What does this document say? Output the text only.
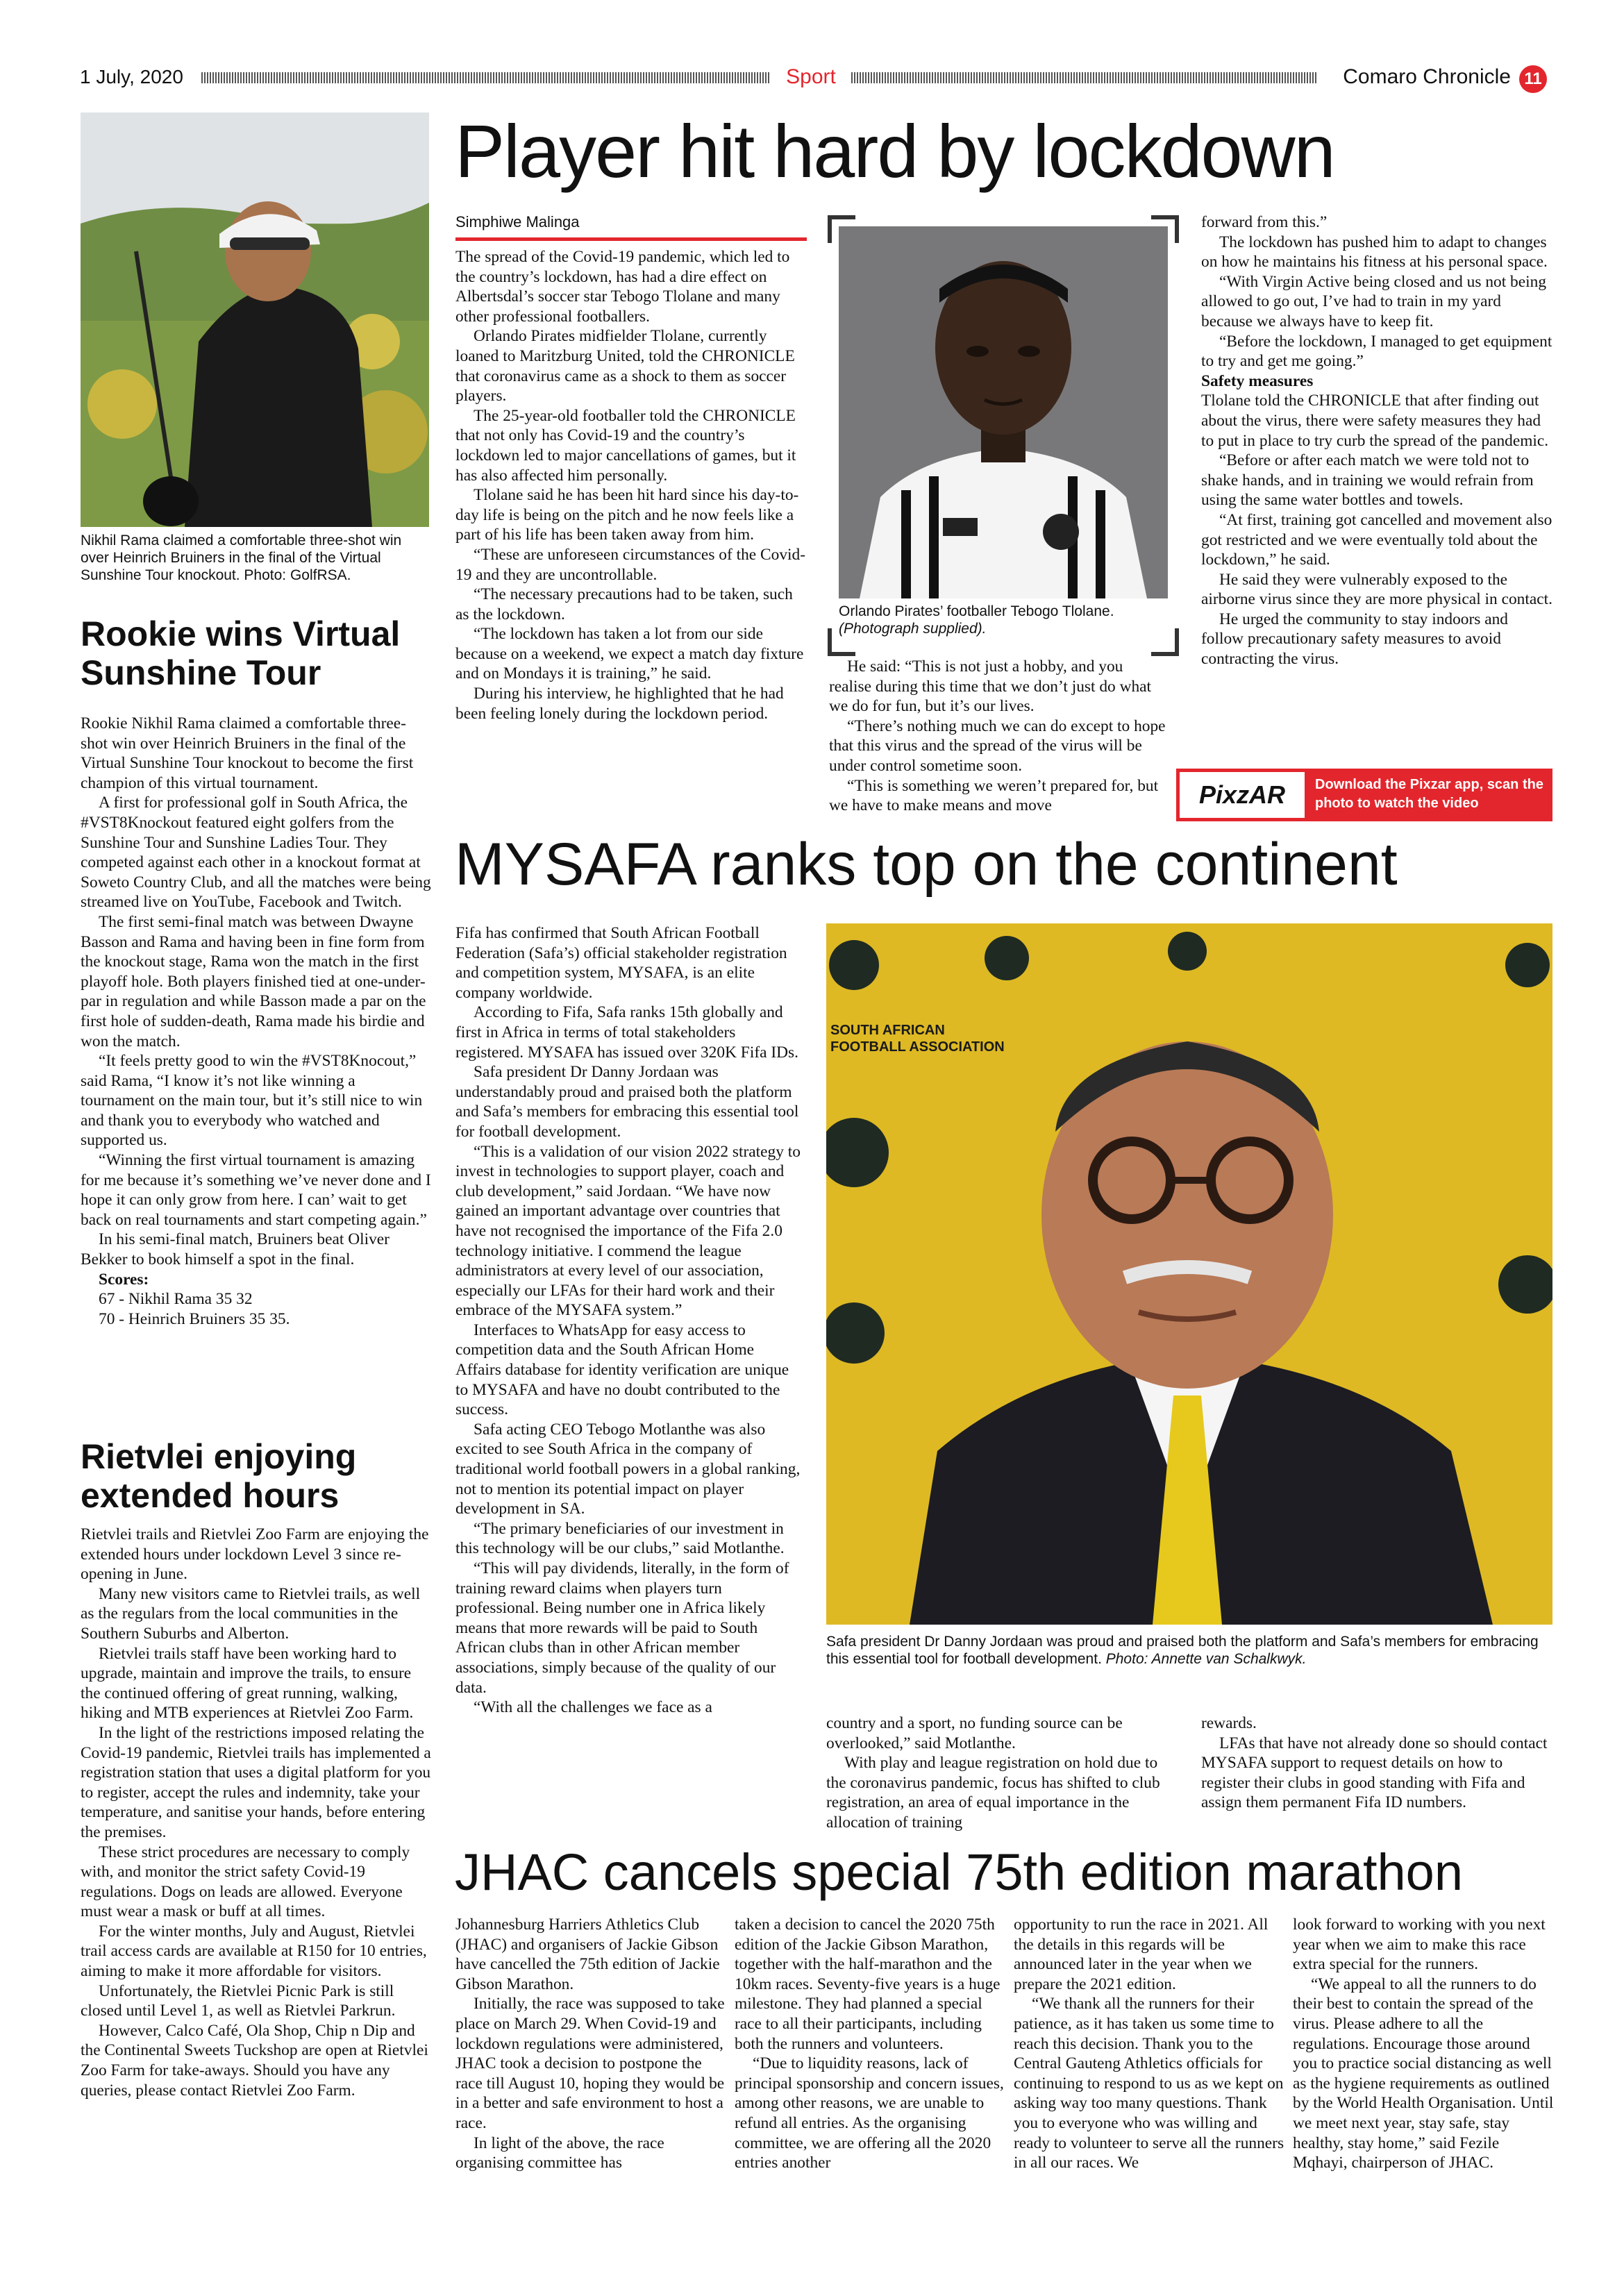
1 July, 2020	Sport	Comaro Chronicle 11
Nikhil Rama claimed a comfortable three-shot win over Heinrich Bruiners in the final of the Virtual Sunshine Tour knockout. Photo: GolfRSA.
Rookie wins Virtual Sunshine Tour

Rookie Nikhil Rama claimed a comfortable three-shot win over Heinrich Bruiners in the final of the Virtual Sunshine Tour knockout to become the first champion of this virtual tournament.

A first for professional golf in South Africa, the #VST8Knockout featured eight golfers from the Sunshine Tour and Sunshine Ladies Tour. They competed against each other in a knockout format at Soweto Country Club, and all the matches were being streamed live on YouTube, Facebook and Twitch.

The first semi-final match was between Dwayne Basson and Rama and having been in fine form from the knockout stage, Rama won the match in the first playoff hole. Both players finished tied at one-under-par in regulation and while Basson made a par on the first hole of sudden-death, Rama made his birdie and won the match.

“It feels pretty good to win the #VST8Knocout,” said Rama, “I know it’s not like winning a tournament on the main tour, but it’s still nice to win and thank you to everybody who watched and supported us.

“Winning the first virtual tournament is amazing for me because it’s something we’ve never done and I hope it can only grow from here. I can’ wait to get back on real tournaments and start competing again.”

In his semi-final match, Bruiners beat Oliver Bekker to book himself a spot in the final.

Scores:

67 - Nikhil Rama 35 32

70 - Heinrich Bruiners 35 35.

Rietvlei enjoying extended hours

Rietvlei trails and Rietvlei Zoo Farm are enjoying the extended hours under lockdown Level 3 since re-opening in June.

Many new visitors came to Rietvlei trails, as well as the regulars from the local communities in the Southern Suburbs and Alberton.

Rietvlei trails staff have been working hard to upgrade, maintain and improve the trails, to ensure the continued offering of great running, walking, hiking and MTB experiences at Rietvlei Zoo Farm.

In the light of the restrictions imposed relating the Covid-19 pandemic, Rietvlei trails has implemented a registration station that uses a digital platform for you to register, accept the rules and indemnity, take your temperature, and sanitise your hands, before entering the premises.

These strict procedures are necessary to comply with, and monitor the strict safety Covid-19 regulations. Dogs on leads are allowed. Everyone must wear a mask or buff at all times.

For the winter months, July and August, Rietvlei trail access cards are available at R150 for 10 entries, aiming to make it more affordable for visitors.

Unfortunately, the Rietvlei Picnic Park is still closed until Level 1, as well as Rietvlei Parkrun.

However, Calco Café, Ola Shop, Chip n Dip and the Continental Sweets Tuckshop are open at Rietvlei Zoo Farm for take-aways. Should you have any queries, please contact Rietvlei Zoo Farm.

Player hit hard by lockdown
Simphiwe Malinga

The spread of the Covid-19 pandemic, which led to the country’s lockdown, has had a dire effect on Albertsdal’s soccer star Tebogo Tlolane and many other professional footballers.

Orlando Pirates midfielder Tlolane, currently loaned to Maritzburg United, told the CHRONICLE that coronavirus came as a shock to them as soccer players.

The 25-year-old footballer told the CHRONICLE that not only has Covid-19 and the country’s lockdown led to major cancellations of games, but it has also affected him personally.

Tlolane said he has been hit hard since his day-to-day life is being on the pitch and he now feels like a part of his life has been taken away from him.

“These are unforeseen circumstances of the Covid-19 and they are uncontrollable.

“The necessary precautions had to be taken, such as the lockdown.

“The lockdown has taken a lot from our side because on a weekend, we expect a match day fixture and on Mondays it is training,” he said.

During his interview, he highlighted that he had been feeling lonely during the lockdown period.

Orlando Pirates’ footballer Tebogo Tlolane.
(Photograph supplied).

He said: “This is not just a hobby, and you realise during this time that we don’t just do what we do for fun, but it’s our lives.

“There’s nothing much we can do except to hope that this virus and the spread of the virus will be under control sometime soon.

“This is something we weren’t prepared for, but we have to make means and move

forward from this.”

The lockdown has pushed him to adapt to changes on how he maintains his fitness at his personal space.

“With Virgin Active being closed and us not being allowed to go out, I’ve had to train in my yard because we always have to keep fit.

“Before the lockdown, I managed to get equipment to try and get me going.”

Safety measures

Tlolane told the CHRONICLE that after finding out about the virus, there were safety measures they had to put in place to try curb the spread of the pandemic.

“Before or after each match we were told not to shake hands, and in training we would refrain from using the same water bottles and towels.

“At first, training got cancelled and movement also got restricted and we were eventually told about the lockdown,” he said.

He said they were vulnerably exposed to the airborne virus since they are more physical in contact.

He urged the community to stay indoors and follow precautionary safety measures to avoid contracting the virus.

PixzAR	Download the Pixzar app, scan the photo to watch the video
MYSAFA ranks top on the continent

Fifa has confirmed that South African Football Federation (Safa’s) official stakeholder registration and competition system, MYSAFA, is an elite company worldwide.

According to Fifa, Safa ranks 15th globally and first in Africa in terms of total stakeholders registered. MYSAFA has issued over 320K Fifa IDs.

Safa president Dr Danny Jordaan was understandably proud and praised both the platform and Safa’s members for embracing this essential tool for football development.

“This is a validation of our vision 2022 strategy to invest in technologies to support player, coach and club development,” said Jordaan. “We have now gained an important advantage over countries that have not recognised the importance of the Fifa 2.0 technology initiative. I commend the league administrators at every level of our association, especially our LFAs for their hard work and their embrace of the MYSAFA system.”

Interfaces to WhatsApp for easy access to competition data and the South African Home Affairs database for identity verification are unique to MYSAFA and have no doubt contributed to the success.

Safa acting CEO Tebogo Motlanthe was also excited to see South Africa in the company of traditional world football powers in a global ranking, not to mention its potential impact on player development in SA.

“The primary beneficiaries of our investment in this technology will be our clubs,” said Motlanthe.

“This will pay dividends, literally, in the form of training reward claims when players turn professional. Being number one in Africa likely means that more rewards will be paid to South African clubs than in other African member associations, simply because of the quality of our data.

“With all the challenges we face as a

SOUTH AFRICAN
FOOTBALL ASSOCIATION
Safa president Dr Danny Jordaan was proud and praised both the platform and Safa’s members for embracing this essential tool for football development. Photo: Annette van Schalkwyk.

country and a sport, no funding source can be overlooked,” said Motlanthe.

With play and league registration on hold due to the coronavirus pandemic, focus has shifted to club registration, an area of equal importance in the allocation of training

rewards.

LFAs that have not already done so should contact MYSAFA support to request details on how to register their clubs in good standing with Fifa and assign them permanent Fifa ID numbers.

JHAC cancels special 75th edition marathon

Johannesburg Harriers Athletics Club (JHAC) and organisers of Jackie Gibson have cancelled the 75th edition of Jackie Gibson Marathon.

Initially, the race was supposed to take place on March 29. When Covid-19 and lockdown regulations were administered, JHAC took a decision to postpone the race till August 10, hoping they would be in a better and safe environment to host a race.

In light of the above, the race organising committee has

taken a decision to cancel the 2020 75th edition of the Jackie Gibson Marathon, together with the half-marathon and the 10km races. Seventy-five years is a huge milestone. They had planned a special race to all their participants, including both the runners and volunteers.

“Due to liquidity reasons, lack of principal sponsorship and concern issues, among other reasons, we are unable to refund all entries. As the organising committee, we are offering all the 2020 entries another

opportunity to run the race in 2021. All the details in this regards will be announced later in the year when we prepare the 2021 edition.

“We thank all the runners for their patience, as it has taken us some time to reach this decision. Thank you to the Central Gauteng Athletics officials for continuing to respond to us as we kept on asking way too many questions. Thank you to everyone who was willing and ready to volunteer to serve all the runners in all our races. We

look forward to working with you next year when we aim to make this race extra special for the runners.

“We appeal to all the runners to do their best to contain the spread of the virus. Please adhere to all the regulations. Encourage those around you to practice social distancing as well as the hygiene requirements as outlined by the World Health Organisation. Until we meet next year, stay safe, stay healthy, stay home,” said Fezile Mqhayi, chairperson of JHAC.
